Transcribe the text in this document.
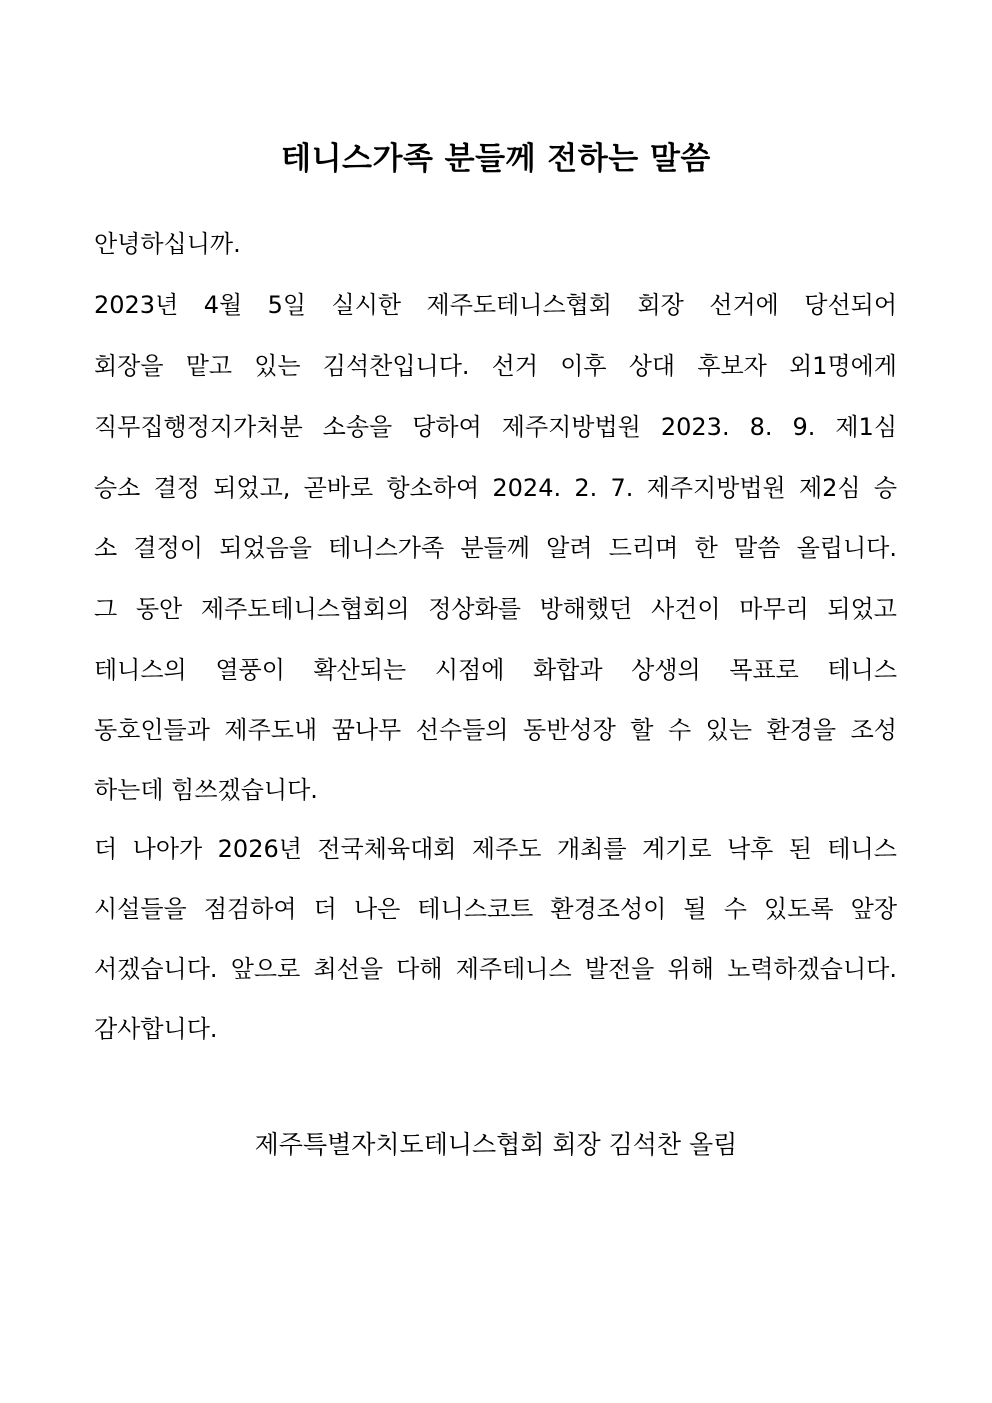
테니스가족 분들께 전하는 말씀
안녕하십니까.
2023년 4월 5일 실시한 제주도테니스협회 회장 선거에 당선되어
회장을 맡고 있는 김석찬입니다. 선거 이후 상대 후보자 외1명에게
직무집행정지가처분 소송을 당하여 제주지방법원 2023. 8. 9. 제1심
승소 결정 되었고, 곧바로 항소하여 2024. 2. 7. 제주지방법원 제2심 승
소 결정이 되었음을 테니스가족 분들께 알려 드리며 한 말씀 올립니다.
그 동안 제주도테니스협회의 정상화를 방해했던 사건이 마무리 되었고
테니스의 열풍이 확산되는 시점에 화합과 상생의 목표로 테니스
동호인들과 제주도내 꿈나무 선수들의 동반성장 할 수 있는 환경을 조성
하는데 힘쓰겠습니다.
더 나아가 2026년 전국체육대회 제주도 개최를 계기로 낙후 된 테니스
시설들을 점검하여 더 나은 테니스코트 환경조성이 될 수 있도록 앞장
서겠습니다. 앞으로 최선을 다해 제주테니스 발전을 위해 노력하겠습니다.
감사합니다.
제주특별자치도테니스협회 회장 김석찬 올림
